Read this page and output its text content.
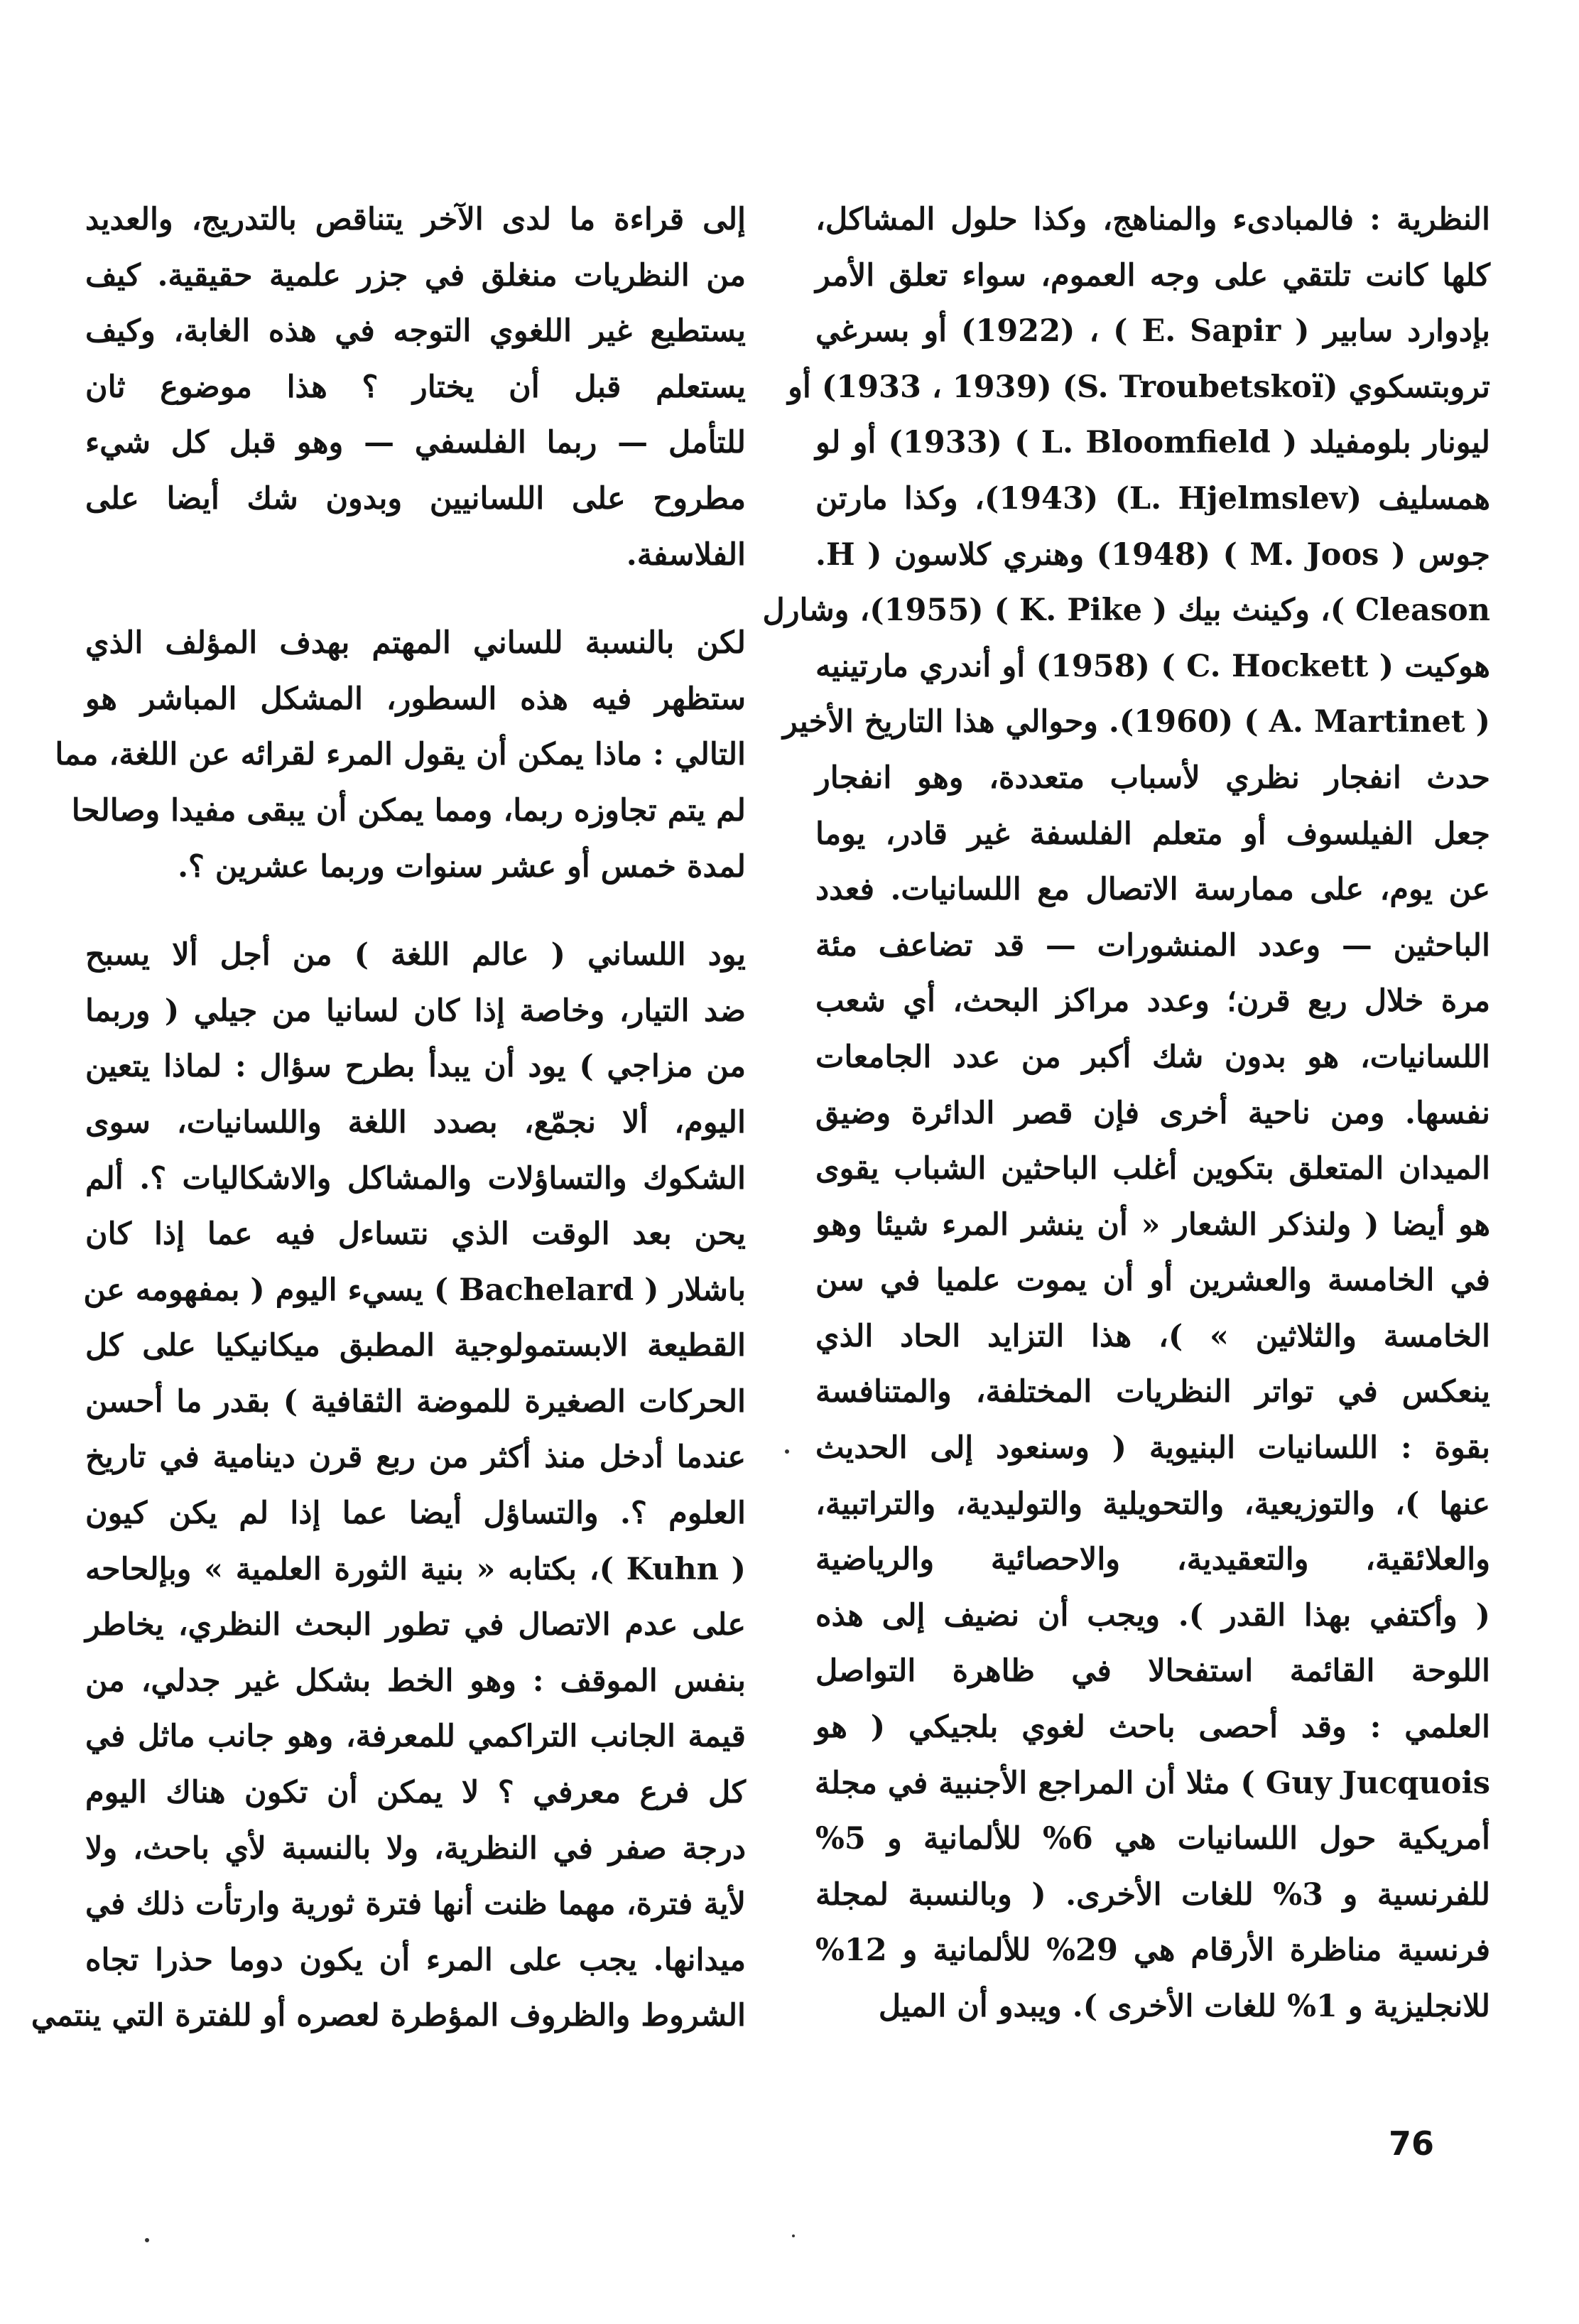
النظرية : فالمبادىء والمناهج، وكذا حلول المشاكل،
كلها كانت تلتقي على وجه العموم، سواء تعلق الأمر
بإدوارد سابير ( E. Sapir ) ، (1922) أو بسرغي
تروبتسكوي (S. Troubetskoï) (1933 ، 1939) أو
ليونار بلومفيلد ( L. Bloomfield ) (1933) أو لو
همسليف (L. Hjelmslev) (1943)، وكذا مارتن
جوس ( M. Joos ) (1948) وهنري كلاسون ( H.
Cleason )، وكينث بيك ( K. Pike ) (1955)، وشارل
هوكيت ( C. Hockett ) (1958) أو أندري مارتينيه
( A. Martinet ) (1960). وحوالي هذا التاريخ الأخير
حدث انفجار نظري لأسباب متعددة، وهو انفجار
جعل الفيلسوف أو متعلم الفلسفة غير قادر، يوما
عن يوم، على ممارسة الاتصال مع اللسانيات. فعدد
الباحثين — وعدد المنشورات — قد تضاعف مئة
مرة خلال ربع قرن؛ وعدد مراكز البحث، أي شعب
اللسانيات، هو بدون شك أكبر من عدد الجامعات
نفسها. ومن ناحية أخرى فإن قصر الدائرة وضيق
الميدان المتعلق بتكوين أغلب الباحثين الشباب يقوى
هو أيضا ( ولنذكر الشعار « أن ينشر المرء شيئا وهو
في الخامسة والعشرين أو أن يموت علميا في سن
الخامسة والثلاثين » )، هذا التزايد الحاد الذي
ينعكس في تواتر النظريات المختلفة، والمتنافسة
بقوة : اللسانيات البنيوية ( وسنعود إلى الحديث
عنها )، والتوزيعية، والتحويلية والتوليدية، والتراتبية،
والعلائقية، والتعقيدية، والاحصائية والرياضية
( وأكتفي بهذا القدر ). ويجب أن نضيف إلى هذه
اللوحة القائمة استفحالا في ظاهرة التواصل
العلمي : وقد أحصى باحث لغوي بلجيكي ( هو
Guy Jucquois ) مثلا أن المراجع الأجنبية في مجلة
أمريكية حول اللسانيات هي 6% للألمانية و 5%
للفرنسية و 3% للغات الأخرى. ( وبالنسبة لمجلة
فرنسية مناظرة الأرقام هي 29% للألمانية و 12%
للانجليزية و 1% للغات الأخرى ). ويبدو أن الميل
إلى قراءة ما لدى الآخر يتناقص بالتدريج، والعديد
من النظريات منغلق في جزر علمية حقيقية. كيف
يستطيع غير اللغوي التوجه في هذه الغابة، وكيف
يستعلم قبل أن يختار ؟ هذا موضوع ثان
للتأمل — ربما الفلسفي — وهو قبل كل شيء
مطروح على اللسانيين وبدون شك أيضا على
الفلاسفة.
لكن بالنسبة للساني المهتم بهدف المؤلف الذي
ستظهر فيه هذه السطور، المشكل المباشر هو
التالي : ماذا يمكن أن يقول المرء لقرائه عن اللغة، مما
لم يتم تجاوزه ربما، ومما يمكن أن يبقى مفيدا وصالحا
لمدة خمس أو عشر سنوات وربما عشرين ؟.
يود اللساني ( عالم اللغة ) من أجل ألا يسبح
ضد التيار، وخاصة إذا كان لسانيا من جيلي ( وربما
من مزاجي ) يود أن يبدأ بطرح سؤال : لماذا يتعين
اليوم، ألا نجمّع، بصدد اللغة واللسانيات، سوى
الشكوك والتساؤلات والمشاكل والاشكاليات ؟. ألم
يحن بعد الوقت الذي نتساءل فيه عما إذا كان
باشلار ( Bachelard ) يسيء اليوم ( بمفهومه عن
القطيعة الابستمولوجية المطبق ميكانيكيا على كل
الحركات الصغيرة للموضة الثقافية ) بقدر ما أحسن
عندما أدخل منذ أكثر من ربع قرن دينامية في تاريخ
العلوم ؟. والتساؤل أيضا عما إذا لم يكن كيون
( Kuhn )، بكتابه « بنية الثورة العلمية » وبإلحاحه
على عدم الاتصال في تطور البحث النظري، يخاطر
بنفس الموقف : وهو الخط بشكل غير جدلي، من
قيمة الجانب التراكمي للمعرفة، وهو جانب ماثل في
كل فرع معرفي ؟ لا يمكن أن تكون هناك اليوم
درجة صفر في النظرية، ولا بالنسبة لأي باحث، ولا
لأية فترة، مهما ظنت أنها فترة ثورية وارتأت ذلك في
ميدانها. يجب على المرء أن يكون دوما حذرا تجاه
الشروط والظروف المؤطرة لعصره أو للفترة التي ينتمي
76
